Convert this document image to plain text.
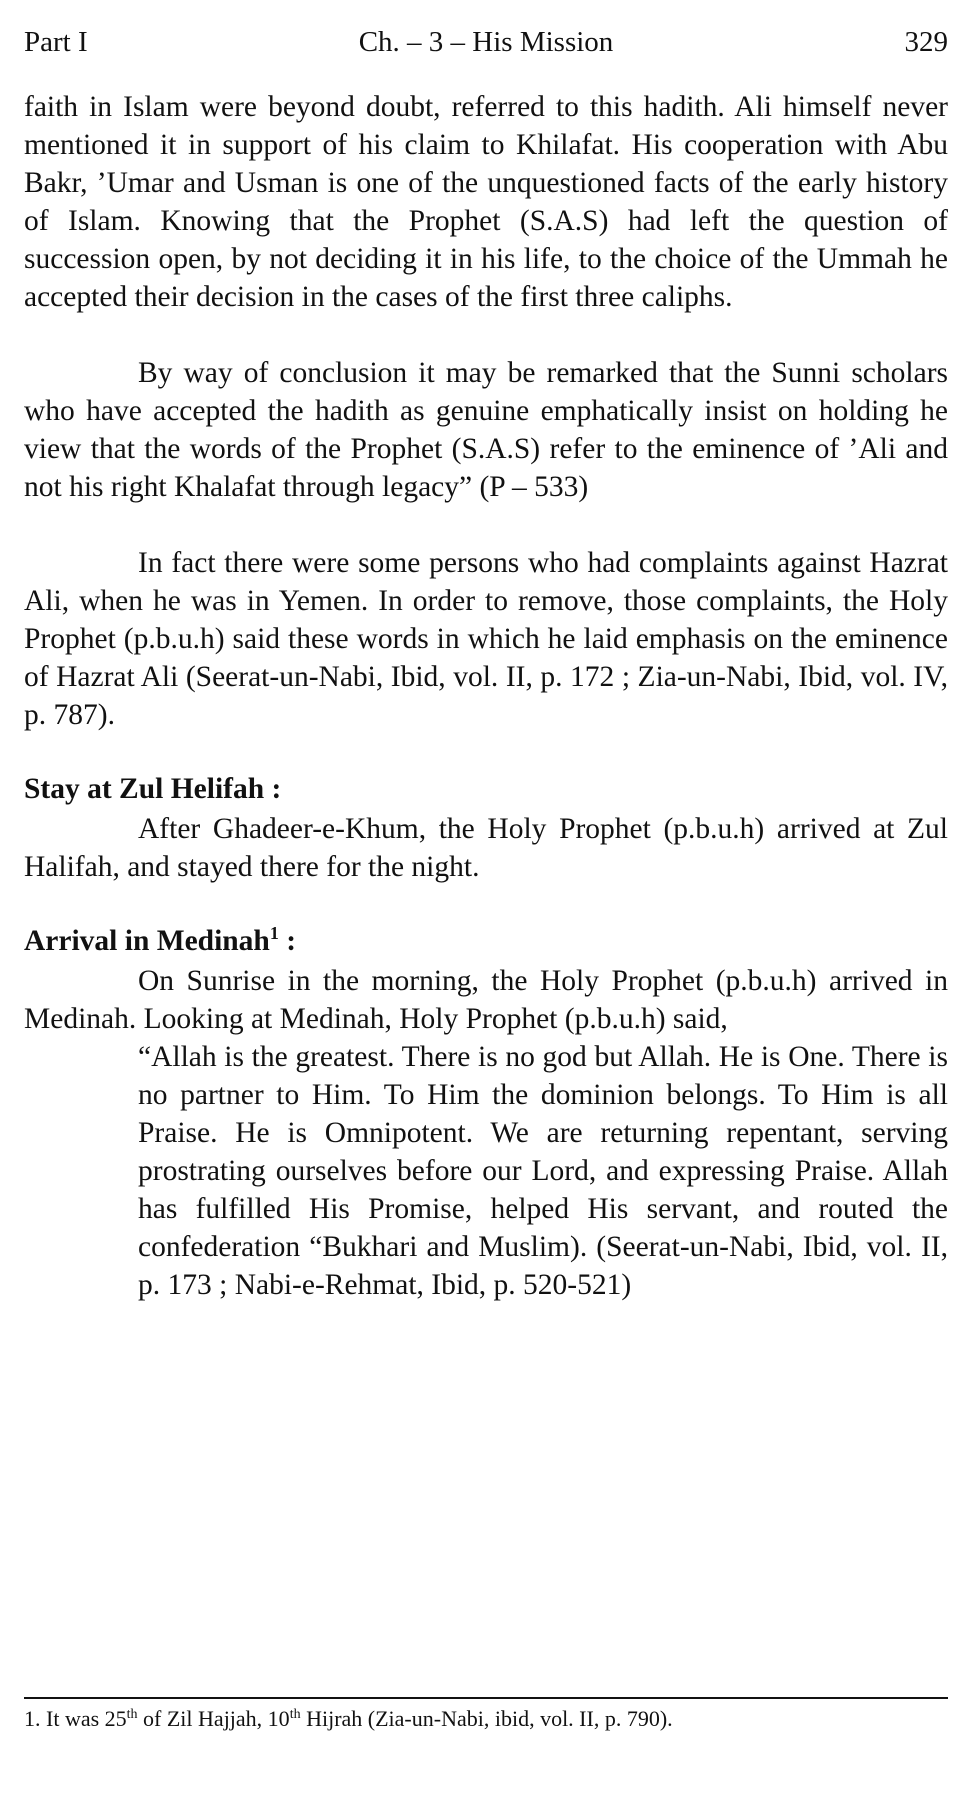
Part I	Ch. – 3 – His Mission	329

faith in Islam were beyond doubt, referred to this hadith. Ali himself never mentioned it in support of his claim to Khilafat. His cooperation with Abu Bakr, ’Umar and Usman is one of the unquestioned facts of the early history of Islam. Knowing that the Prophet (S.A.S) had left the question of succession open, by not deciding it in his life, to the choice of the Ummah he accepted their decision in the cases of the first three caliphs.

By way of conclusion it may be remarked that the Sunni scholars who have accepted the hadith as genuine emphatically insist on holding he view that the words of the Prophet (S.A.S) refer to the eminence of ’Ali and not his right Khalafat through legacy” (P – 533)

In fact there were some persons who had complaints against Hazrat Ali, when he was in Yemen. In order to remove, those complaints, the Holy Prophet (p.b.u.h) said these words in which he laid emphasis on the eminence of Hazrat Ali (Seerat-un-Nabi, Ibid, vol. II, p. 172 ; Zia-un-Nabi, Ibid, vol. IV, p. 787).

Stay at Zul Helifah :

After Ghadeer-e-Khum, the Holy Prophet (p.b.u.h) arrived at Zul Halifah, and stayed there for the night.

Arrival in Medinah$^1$ :

On Sunrise in the morning, the Holy Prophet (p.b.u.h) arrived in Medinah. Looking at Medinah, Holy Prophet (p.b.u.h) said,

“Allah is the greatest. There is no god but Allah. He is One. There is no partner to Him. To Him the dominion belongs. To Him is all Praise. He is Omnipotent. We are returning repentant, serving prostrating ourselves before our Lord, and expressing Praise. Allah has fulfilled His Promise, helped His servant, and routed the confederation “Bukhari and Muslim). (Seerat-un-Nabi, Ibid, vol. II, p. 173 ; Nabi-e-Rehmat, Ibid, p. 520-521)

1. It was 25th of Zil Hajjah, 10th Hijrah (Zia-un-Nabi, ibid, vol. II, p. 790).
